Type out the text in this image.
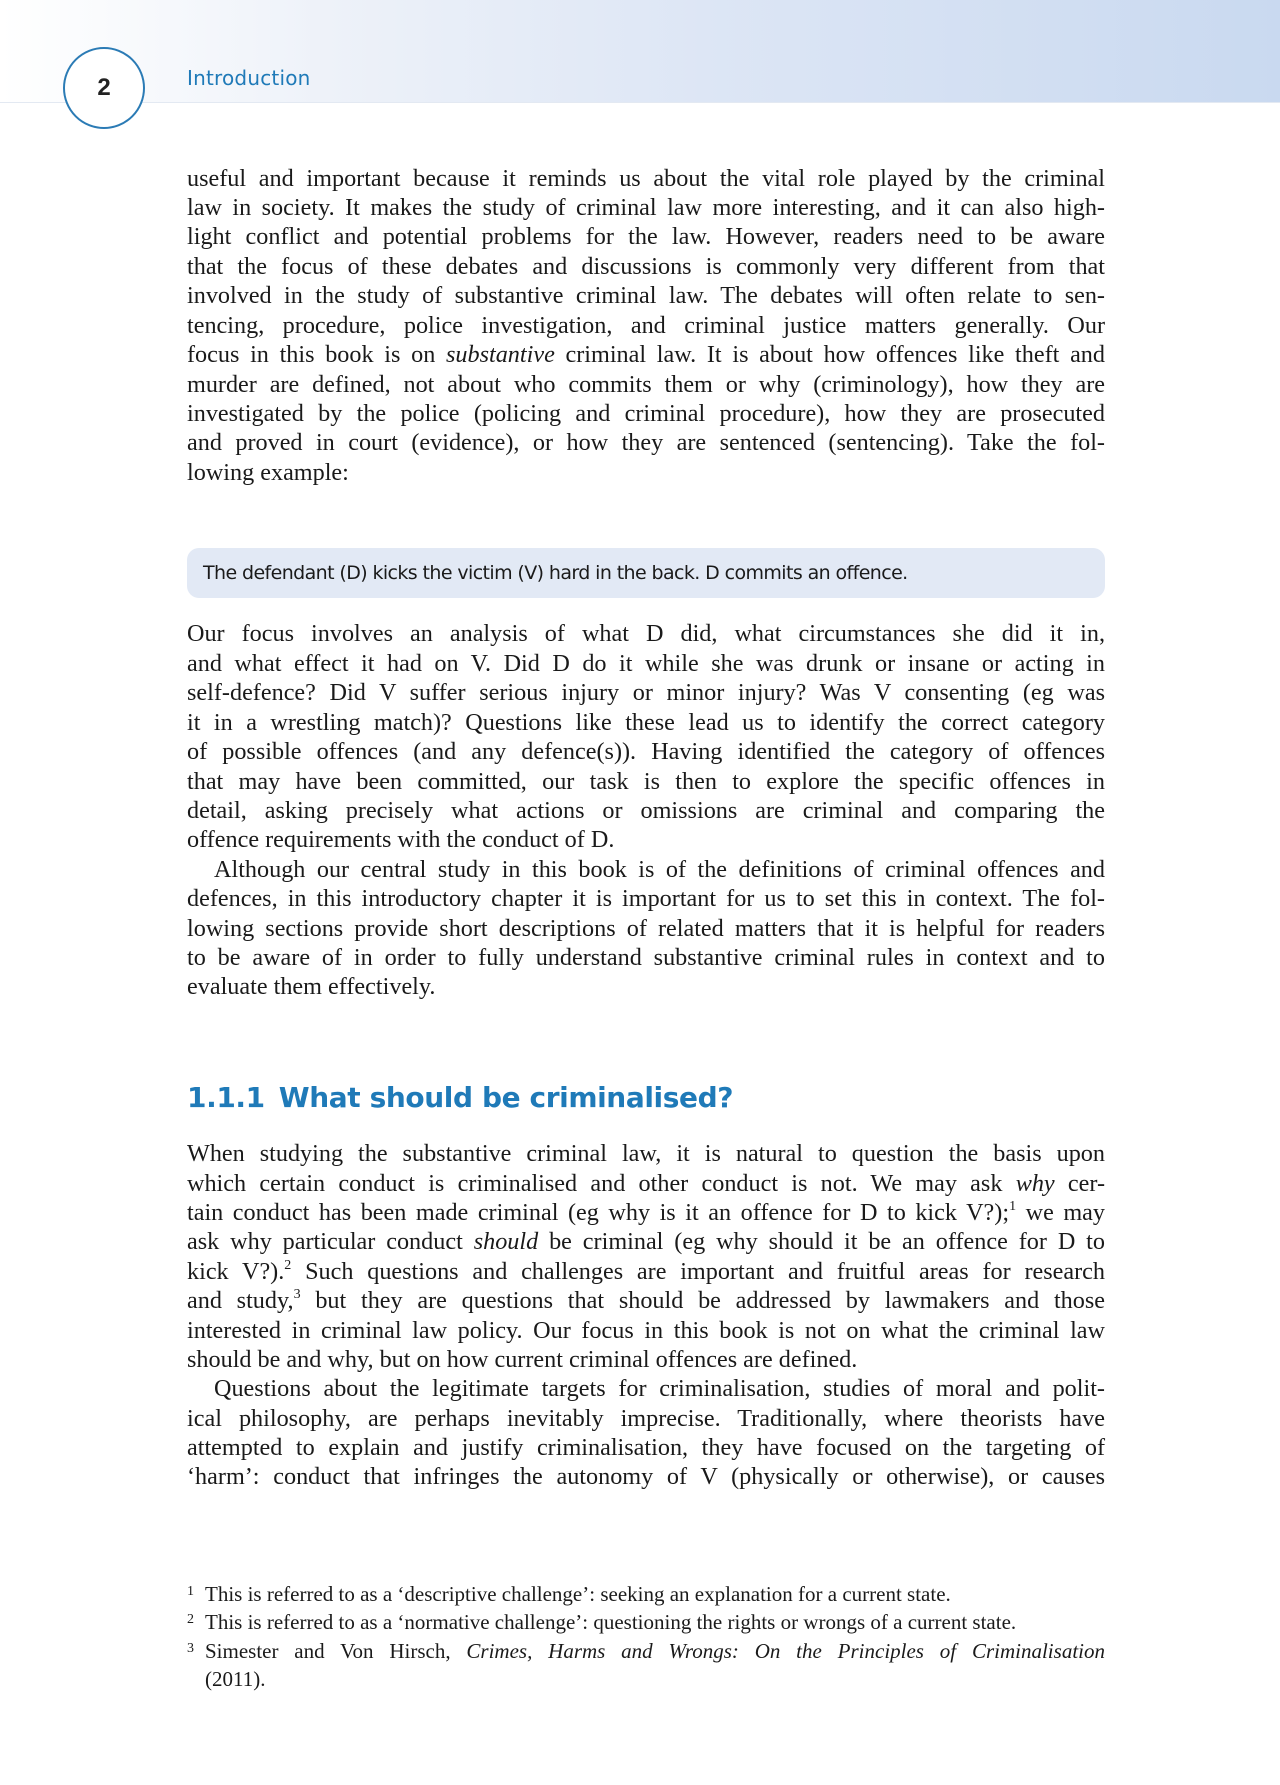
2	Introduction
useful and important because it reminds us about the vital role played by the criminal
law in society. It makes the study of criminal law more interesting, and it can also high-
light conflict and potential problems for the law. However, readers need to be aware
that the focus of these debates and discussions is commonly very different from that
involved in the study of substantive criminal law. The debates will often relate to sen-
tencing, procedure, police investigation, and criminal justice matters generally. Our
focus in this book is on substantive criminal law. It is about how offences like theft and
murder are defined, not about who commits them or why (criminology), how they are
investigated by the police (policing and criminal procedure), how they are prosecuted
and proved in court (evidence), or how they are sentenced (sentencing). Take the fol-
lowing example:
Our focus involves an analysis of what D did, what circumstances she did it in,
and what effect it had on V. Did D do it while she was drunk or insane or acting in
self-defence? Did V suffer serious injury or minor injury? Was V consenting (eg was
it in a wrestling match)? Questions like these lead us to identify the correct category
of possible offences (and any defence(s)). Having identified the category of offences
that may have been committed, our task is then to explore the specific offences in
detail, asking precisely what actions or omissions are criminal and comparing the
offence requirements with the conduct of D.
Although our central study in this book is of the definitions of criminal offences and
defences, in this introductory chapter it is important for us to set this in context. The fol-
lowing sections provide short descriptions of related matters that it is helpful for readers
to be aware of in order to fully understand substantive criminal rules in context and to
evaluate them effectively.
When studying the substantive criminal law, it is natural to question the basis upon
which certain conduct is criminalised and other conduct is not. We may ask why cer-
tain conduct has been made criminal (eg why is it an offence for D to kick V?);$^1$ we may
ask why particular conduct should be criminal (eg why should it be an offence for D to
kick V?).$^2$ Such questions and challenges are important and fruitful areas for research
and study,$^3$ but they are questions that should be addressed by lawmakers and those
interested in criminal law policy. Our focus in this book is not on what the criminal law
should be and why, but on how current criminal offences are defined.
Questions about the legitimate targets for criminalisation, studies of moral and polit-
ical philosophy, are perhaps inevitably imprecise. Traditionally, where theorists have
attempted to explain and justify criminalisation, they have focused on the targeting of
‘harm’: conduct that infringes the autonomy of V (physically or otherwise), or causes
The defendant (D) kicks the victim (V) hard in the back. D commits an offence.
1.1.1 What should be criminalised?
1 This is referred to as a ‘descriptive challenge’: seeking an explanation for a current state.
2 This is referred to as a ‘normative challenge’: questioning the rights or wrongs of a current state.
3 Simester and Von Hirsch, Crimes, Harms and Wrongs: On the Principles of Criminalisation
(2011).
